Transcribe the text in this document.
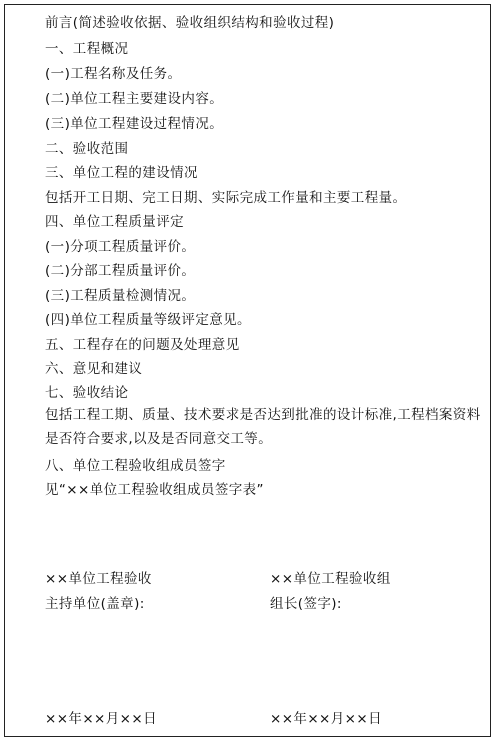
前言(简述验收依据、验收组织结构和验收过程)
一、工程概况
(一)工程名称及任务。
(二)单位工程主要建设内容。
(三)单位工程建设过程情况。
二、验收范围
三、单位工程的建设情况
包括开工日期、完工日期、实际完成工作量和主要工程量。
四、单位工程质量评定
(一)分项工程质量评价。
(二)分部工程质量评价。
(三)工程质量检测情况。
(四)单位工程质量等级评定意见。
五、工程存在的问题及处理意见
六、意见和建议
七、验收结论
包括工程工期、质量、技术要求是否达到批准的设计标准,工程档案资料是否符合要求,以及是否同意交工等。
八、单位工程验收组成员签字
见“××单位工程验收组成员签字表”
××单位工程验收
主持单位(盖章):
××单位工程验收组
组长(签字):
××年××月××日	××年××月××日
